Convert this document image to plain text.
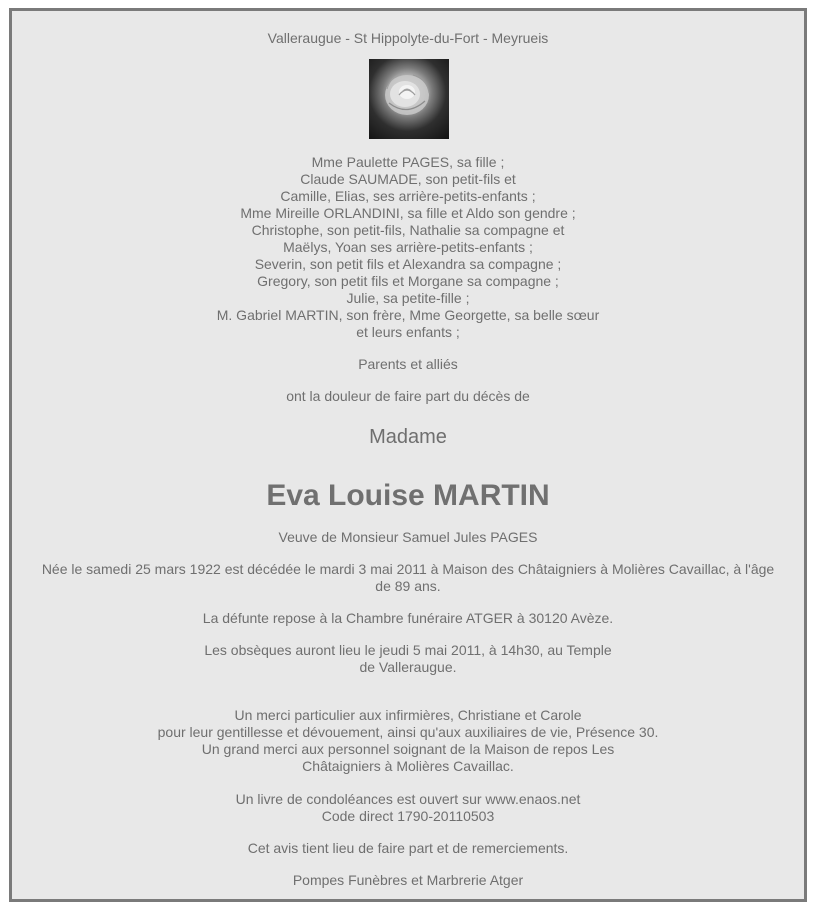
Valleraugue - St Hippolyte-du-Fort - Meyrueis
Mme Paulette PAGES, sa fille ;
Claude SAUMADE, son petit-fils et
Camille, Elias, ses arrière-petits-enfants ;
Mme Mireille ORLANDINI, sa fille et Aldo son gendre ;
Christophe, son petit-fils, Nathalie sa compagne et
Maëlys, Yoan ses arrière-petits-enfants ;
Severin, son petit fils et Alexandra sa compagne ;
Gregory, son petit fils et Morgane sa compagne ;
Julie, sa petite-fille ;
M. Gabriel MARTIN, son frère, Mme Georgette, sa belle sœur
et leurs enfants ;
Parents et alliés
ont la douleur de faire part du décès de
Madame
Eva Louise MARTIN
Veuve de Monsieur Samuel Jules PAGES
Née le samedi 25 mars 1922 est décédée le mardi 3 mai 2011 à Maison des Châtaigniers à Molières Cavaillac, à l'âge
de 89 ans.
La défunte repose à la Chambre funéraire ATGER à 30120 Avèze.
Les obsèques auront lieu le jeudi 5 mai 2011, à 14h30, au Temple
de Valleraugue.
Un merci particulier aux infirmières, Christiane et Carole
pour leur gentillesse et dévouement, ainsi qu'aux auxiliaires de vie, Présence 30.
Un grand merci aux personnel soignant de la Maison de repos Les
Châtaigniers à Molières Cavaillac.
Un livre de condoléances est ouvert sur www.enaos.net
Code direct 1790-20110503
Cet avis tient lieu de faire part et de remerciements.
Pompes Funèbres et Marbrerie Atger
